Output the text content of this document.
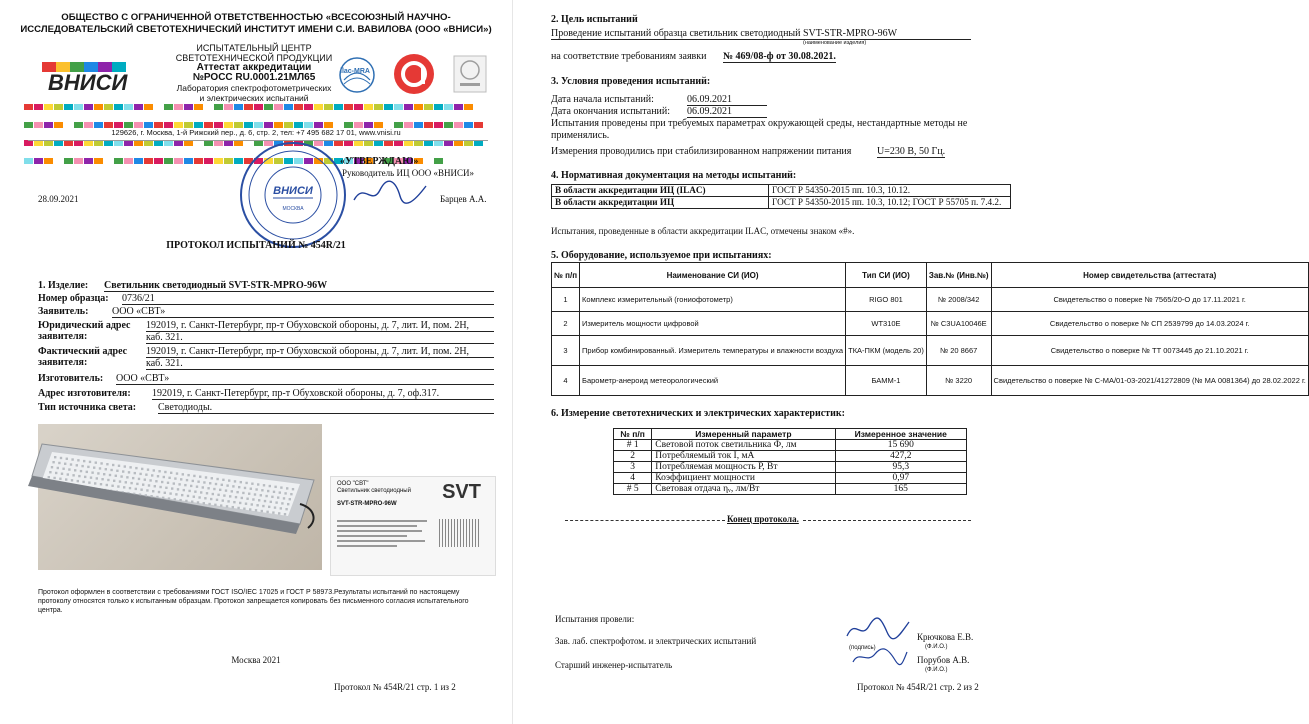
ОБЩЕСТВО С ОГРАНИЧЕННОЙ ОТВЕТСТВЕННОСТЬЮ «ВСЕСОЮЗНЫЙ НАУЧНО-ИССЛЕДОВАТЕЛЬСКИЙ СВЕТОТЕХНИЧЕСКИЙ ИНСТИТУТ ИМЕНИ С.И. ВАВИЛОВА (ООО «ВНИСИ»)
ВНИСИ
ИСПЫТАТЕЛЬНЫЙ ЦЕНТР
СВЕТОТЕХНИЧЕСКОЙ ПРОДУКЦИИ
Аттестат аккредитации
№РОСС RU.0001.21МЛ65
Лаборатория спектрофотометрических
и электрических испытаний
ilac-MRA
129626, г. Москва, 1-й Рижский пер., д. 6, стр. 2, тел: +7 495 682 17 01, www.vnisi.ru
ВНИСИ
МОСКВА
«УТВЕРЖДАЮ»
Руководитель ИЦ ООО «ВНИСИ»
Барцев А.А.
28.09.2021
ПРОТОКОЛ ИСПЫТАНИЙ № 454R/21
1. Изделие: Светильник светодиодный SVT-STR-MPRO-96W
Номер образца: 0736/21
Заявитель: ООО «СВТ»
Юридический адрес
заявителя:
192019, г. Санкт-Петербург, пр-т Обуховской обороны, д. 7, лит. И, пом. 2Н,
каб. 321.
Фактический адрес
заявителя:
192019, г. Санкт-Петербург, пр-т Обуховской обороны, д. 7, лит. И, пом. 2Н,
каб. 321.
Изготовитель: ООО «СВТ»
Адрес изготовителя: 192019, г. Санкт-Петербург, пр-т Обуховской обороны, д. 7, оф.317.
Тип источника света: Светодиоды.
ООО "СВТ"
Светильник светодиодный
SVT-STR-MPRO-96W
SVT
Протокол оформлен в соответствии с требованиями ГОСТ ISO/IEC 17025 и ГОСТ Р 58973.Результаты испытаний по настоящему протоколу относятся только к испытанным образцам. Протокол запрещается копировать без письменного согласия испытательного центра.
Москва 2021
Протокол № 454R/21 стр. 1 из 2
2. Цель испытаний
Проведение испытаний образца светильник светодиодный SVT-STR-MPRO-96W
(наименование изделия)
на соответствие требованиям заявки № 469/08-ф от 30.08.2021.
3. Условия проведения испытаний:
Дата начала испытаний:	06.09.2021
Дата окончания испытаний: 06.09.2021
Испытания проведены при требуемых параметрах окружающей среды, нестандартные методы не
применялись.
Измерения проводились при стабилизированном напряжении питания	U=230 В, 50 Гц.
4. Нормативная документация на методы испытаний:
В области аккредитации ИЦ (ILAC)	ГОСТ Р 54350-2015 пп. 10.3, 10.12.
В области аккредитации ИЦ	ГОСТ Р 54350-2015 пп. 10.3, 10.12; ГОСТ Р 55705 п. 7.4.2.
Испытания, проведенные в области аккредитации ILAC, отмечены знаком «#».
5. Оборудование, используемое при испытаниях:
№ п/п	Наименование СИ (ИО)	Тип СИ (ИО)	Зав.№ (Инв.№)	Номер свидетельства (аттестата)
1	Комплекс измерительный (гониофотометр)	RIGO 801	№ 2008/342	Свидетельство о поверке № 7565/20-О до 17.11.2021 г.
2	Измеритель мощности цифровой	WT310E	№ C3UA10046E	Свидетельство о поверке № СП 2539799 до 14.03.2024 г.
3	Прибор комбинированный. Измеритель температуры и влажности воздуха	ТКА-ПКМ (модель 20)	№ 20 8667	Свидетельство о поверке № ТТ 0073445 до 21.10.2021 г.
4	Барометр-анероид метеорологический	БАММ-1	№ 3220	Свидетельство о поверке № С-МА/01-03-2021/41272809 (№ МА 0081364) до 28.02.2022 г.
6. Измерение светотехнических и электрических характеристик:
№ п/п	Измеренный параметр	Измеренное значение
# 1	Световой поток светильника Ф, лм	15 690
2	Потребляемый ток I, мА	427,2
3	Потребляемая мощность P, Вт	95,3
4	Коэффициент мощности	0,97
# 5	Световая отдача ηᵥ, лм/Вт	165
Конец протокола.
Испытания провели:
Зав. лаб. спектрофотом. и электрических испытаний
(подпись)
Крючкова Е.В.
(Ф.И.О.)
Старший инженер-испытатель	Порубов А.В.
(Ф.И.О.)
Протокол № 454R/21 стр. 2 из 2
